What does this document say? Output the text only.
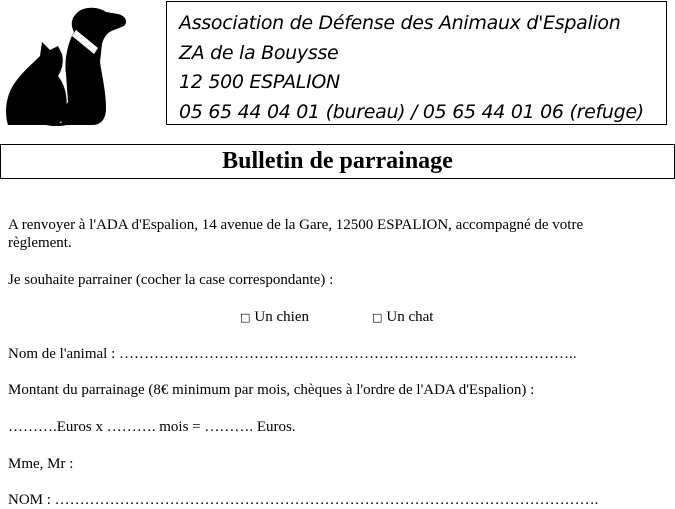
Association de Défense des Animaux d'Espalion
ZA de la Bouysse
12 500 ESPALION
05 65 44 04 01 (bureau) / 05 65 44 01 06 (refuge)
Bulletin de parrainage
A renvoyer à l'ADA d'Espalion, 14 avenue de la Gare, 12500 ESPALION, accompagné de votre règlement.
Je souhaite parrainer (cocher la case correspondante) :
□ Un chien	□ Un chat
Nom de l'animal : ………………………………………………………………………………..
Montant du parrainage (8€ minimum par mois, chèques à l'ordre de l'ADA d'Espalion) :
……….Euros x ………. mois = ………. Euros.
Mme, Mr :
NOM : ……………………………………………………………………………………………….
